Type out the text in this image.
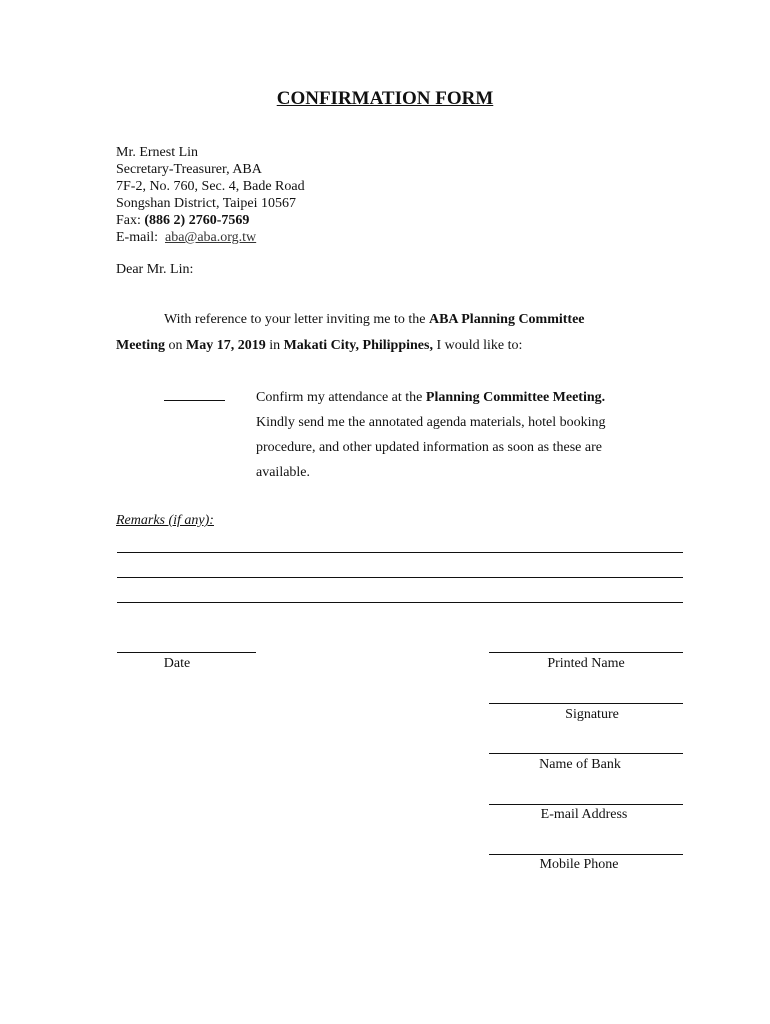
CONFIRMATION FORM
Mr. Ernest Lin
Secretary-Treasurer, ABA
7F-2, No. 760, Sec. 4, Bade Road
Songshan District, Taipei 10567
Fax: (886 2) 2760-7569
E-mail: aba@aba.org.tw
Dear Mr. Lin:
With reference to your letter inviting me to the ABA Planning Committee
Meeting on May 17, 2019 in Makati City, Philippines, I would like to:
Confirm my attendance at the Planning Committee Meeting.
Kindly send me the annotated agenda materials, hotel booking
procedure, and other updated information as soon as these are
available.
Remarks (if any):
Date	Printed Name
Signature
Name of Bank
E-mail Address
Mobile Phone
